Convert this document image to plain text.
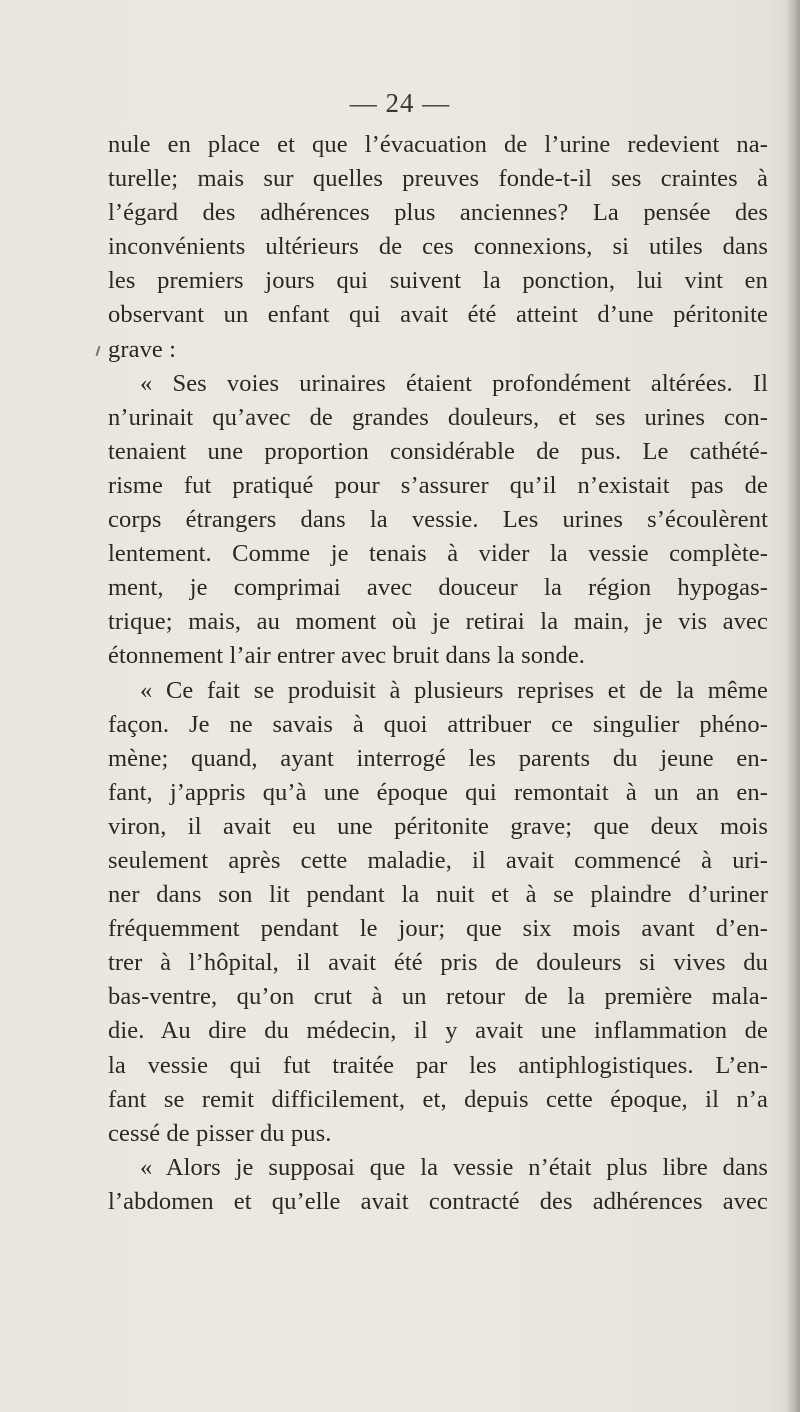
— 24 —
nule en place et que l’évacuation de l’urine redevient na-
turelle; mais sur quelles preuves fonde-t-il ses craintes à
l’égard des adhérences plus anciennes? La pensée des
inconvénients ultérieurs de ces connexions, si utiles dans
les premiers jours qui suivent la ponction, lui vint en
observant un enfant qui avait été atteint d’une péritonite
grave :
« Ses voies urinaires étaient profondément altérées. Il
n’urinait qu’avec de grandes douleurs, et ses urines con-
tenaient une proportion considérable de pus. Le cathété-
risme fut pratiqué pour s’assurer qu’il n’existait pas de
corps étrangers dans la vessie. Les urines s’écoulèrent
lentement. Comme je tenais à vider la vessie complète-
ment, je comprimai avec douceur la région hypogas-
trique; mais, au moment où je retirai la main, je vis avec
étonnement l’air entrer avec bruit dans la sonde.
« Ce fait se produisit à plusieurs reprises et de la même
façon. Je ne savais à quoi attribuer ce singulier phéno-
mène; quand, ayant interrogé les parents du jeune en-
fant, j’appris qu’à une époque qui remontait à un an en-
viron, il avait eu une péritonite grave; que deux mois
seulement après cette maladie, il avait commencé à uri-
ner dans son lit pendant la nuit et à se plaindre d’uriner
fréquemment pendant le jour; que six mois avant d’en-
trer à l’hôpital, il avait été pris de douleurs si vives du
bas-ventre, qu’on crut à un retour de la première mala-
die. Au dire du médecin, il y avait une inflammation de
la vessie qui fut traitée par les antiphlogistiques. L’en-
fant se remit difficilement, et, depuis cette époque, il n’a
cessé de pisser du pus.
« Alors je supposai que la vessie n’était plus libre dans
l’abdomen et qu’elle avait contracté des adhérences avec
